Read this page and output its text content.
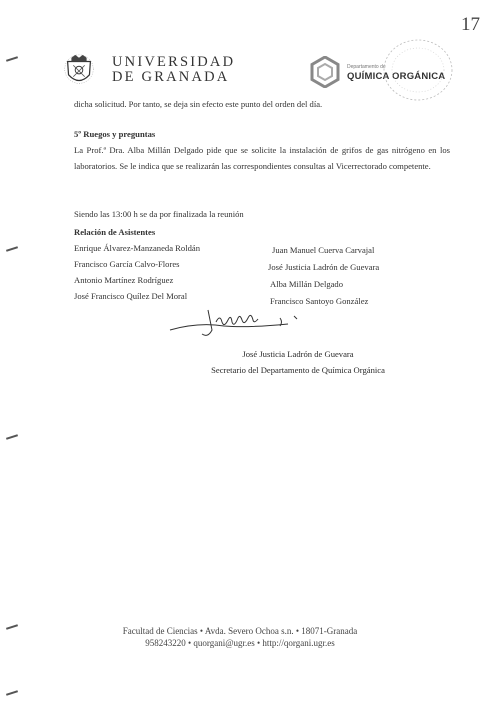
17
UNIVERSIDAD
DE GRANADA
Departamento de
QUÍMICA ORGÁNICA
dicha solicitud. Por tanto, se deja sin efecto este punto del orden del día.
5º Ruegos y preguntas
La Prof.ª Dra. Alba Millán Delgado pide que se solicite la instalación de grifos de gas nitrógeno en los laboratorios. Se le indica que se realizarán las correspondientes consultas al Vicerrectorado competente.
Siendo las 13:00 h se da por finalizada la reunión
Relación de Asistentes
Enrique Álvarez-Manzaneda Roldán
Francisco García Calvo-Flores
Antonio Martínez Rodríguez
José Francisco Quílez Del Moral
Juan Manuel Cuerva Carvajal
José Justicia Ladrón de Guevara
Alba Millán Delgado
Francisco Santoyo González
José Justicia Ladrón de Guevara
Secretario del Departamento de Química Orgánica
Facultad de Ciencias • Avda. Severo Ochoa s.n. • 18071-Granada
958243220 • quorgani@ugr.es • http://qorgani.ugr.es
